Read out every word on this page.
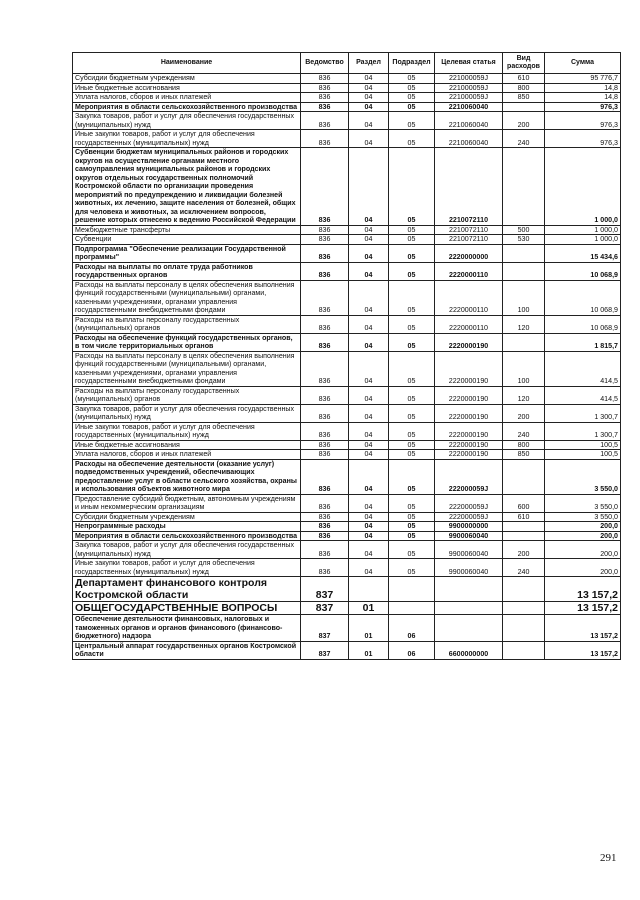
Наименование	Ведомство	Раздел	Подраздел	Целевая статья	Вид расходов	Сумма
Субсидии бюджетным учреждениям	836	04	05	221000059J	610	95 776,7
Иные бюджетные ассигнования	836	04	05	221000059J	800	14,8
Уплата налогов, сборов и иных платежей	836	04	05	221000059J	850	14,8
Мероприятия в области сельскохозяйственного производства	836	04	05	2210060040		976,3
Закупка товаров, работ и услуг для обеспечения государственных (муниципальных) нужд	836	04	05	2210060040	200	976,3
Иные закупки товаров, работ и услуг для обеспечения государственных (муниципальных) нужд	836	04	05	2210060040	240	976,3
Субвенции бюджетам муниципальных районов и городских округов на осуществление органами местного самоуправления муниципальных районов и городских округов отдельных государственных полномочий Костромской области по организации проведения мероприятий по предупреждению и ликвидации болезней животных, их лечению, защите населения от болезней, общих для человека и животных, за исключением вопросов, решение которых отнесено к ведению Российской Федерации	836	04	05	2210072110		1 000,0
Межбюджетные трансферты	836	04	05	2210072110	500	1 000,0
Субвенции	836	04	05	2210072110	530	1 000,0
Подпрограмма "Обеспечение реализации Государственной программы"	836	04	05	2220000000		15 434,6
Расходы на выплаты по оплате труда работников государственных органов	836	04	05	2220000110		10 068,9
Расходы на выплаты персоналу в целях обеспечения выполнения функций государственными (муниципальными) органами, казенными учреждениями, органами управления государственными внебюджетными фондами	836	04	05	2220000110	100	10 068,9
Расходы на выплаты персоналу государственных (муниципальных) органов	836	04	05	2220000110	120	10 068,9
Расходы на обеспечение функций государственных органов, в том числе территориальных органов	836	04	05	2220000190		1 815,7
Расходы на выплаты персоналу в целях обеспечения выполнения функций государственными (муниципальными) органами, казенными учреждениями, органами управления государственными внебюджетными фондами	836	04	05	2220000190	100	414,5
Расходы на выплаты персоналу государственных (муниципальных) органов	836	04	05	2220000190	120	414,5
Закупка товаров, работ и услуг для обеспечения государственных (муниципальных) нужд	836	04	05	2220000190	200	1 300,7
Иные закупки товаров, работ и услуг для обеспечения государственных (муниципальных) нужд	836	04	05	2220000190	240	1 300,7
Иные бюджетные ассигнования	836	04	05	2220000190	800	100,5
Уплата налогов, сборов и иных платежей	836	04	05	2220000190	850	100,5
Расходы на обеспечение деятельности (оказание услуг) подведомственных учреждений, обеспечивающих предоставление услуг в области сельского хозяйства, охраны и использования объектов животного мира	836	04	05	222000059J		3 550,0
Предоставление субсидий бюджетным, автономным учреждениям и иным некоммерческим организациям	836	04	05	222000059J	600	3 550,0
Субсидии бюджетным учреждениям	836	04	05	222000059J	610	3 550,0
Непрограммные расходы	836	04	05	9900000000		200,0
Мероприятия в области сельскохозяйственного производства	836	04	05	9900060040		200,0
Закупка товаров, работ и услуг для обеспечения государственных (муниципальных) нужд	836	04	05	9900060040	200	200,0
Иные закупки товаров, работ и услуг для обеспечения государственных (муниципальных) нужд	836	04	05	9900060040	240	200,0
Департамент финансового контроля Костромской области	837					13 157,2
ОБЩЕГОСУДАРСТВЕННЫЕ ВОПРОСЫ	837	01				13 157,2
Обеспечение деятельности финансовых, налоговых и таможенных органов и органов финансового (финансово-бюджетного) надзора	837	01	06			13 157,2
Центральный аппарат государственных органов Костромской области	837	01	06	6600000000		13 157,2
291
